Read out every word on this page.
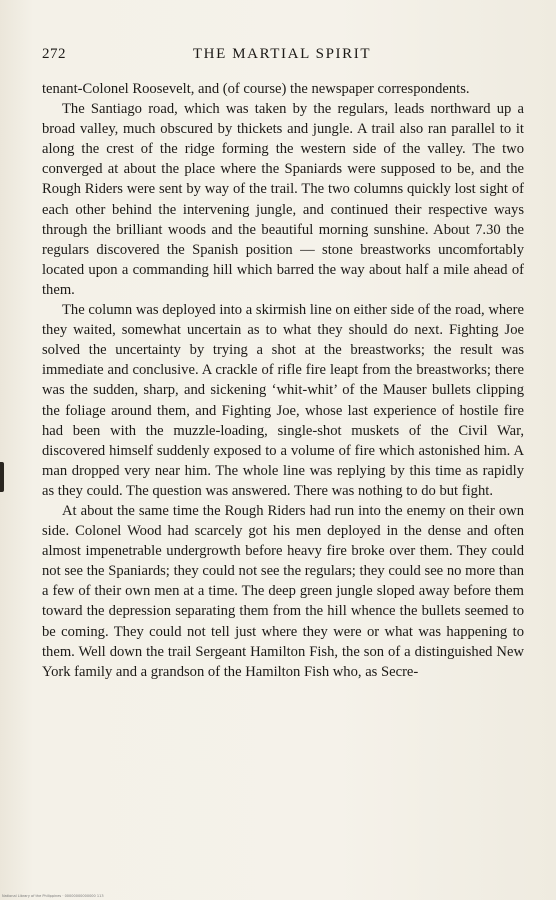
272	THE MARTIAL SPIRIT

tenant-Colonel Roosevelt, and (of course) the newspaper correspondents.

The Santiago road, which was taken by the regulars, leads northward up a broad valley, much obscured by thickets and jungle. A trail also ran parallel to it along the crest of the ridge forming the western side of the valley. The two converged at about the place where the Spaniards were supposed to be, and the Rough Riders were sent by way of the trail. The two columns quickly lost sight of each other behind the intervening jungle, and continued their respective ways through the brilliant woods and the beautiful morning sunshine. About 7.30 the regulars discovered the Spanish position — stone breastworks uncomfortably located upon a commanding hill which barred the way about half a mile ahead of them.

The column was deployed into a skirmish line on either side of the road, where they waited, somewhat uncertain as to what they should do next. Fighting Joe solved the uncertainty by trying a shot at the breastworks; the result was immediate and conclusive. A crackle of rifle fire leapt from the breastworks; there was the sudden, sharp, and sickening ‘whit-whit’ of the Mauser bullets clipping the foliage around them, and Fighting Joe, whose last experience of hostile fire had been with the muzzle-loading, single-shot muskets of the Civil War, discovered himself suddenly exposed to a volume of fire which astonished him. A man dropped very near him. The whole line was replying by this time as rapidly as they could. The question was answered. There was nothing to do but fight.

At about the same time the Rough Riders had run into the enemy on their own side. Colonel Wood had scarcely got his men deployed in the dense and often almost impenetrable undergrowth before heavy fire broke over them. They could not see the Spaniards; they could not see the regulars; they could see no more than a few of their own men at a time. The deep green jungle sloped away before them toward the depression separating them from the hill whence the bullets seemed to be coming. They could not tell just where they were or what was happening to them. Well down the trail Sergeant Hamilton Fish, the son of a distinguished New York family and a grandson of the Hamilton Fish who, as Secre-

National Library of the Philippines · 00000000000000 113
